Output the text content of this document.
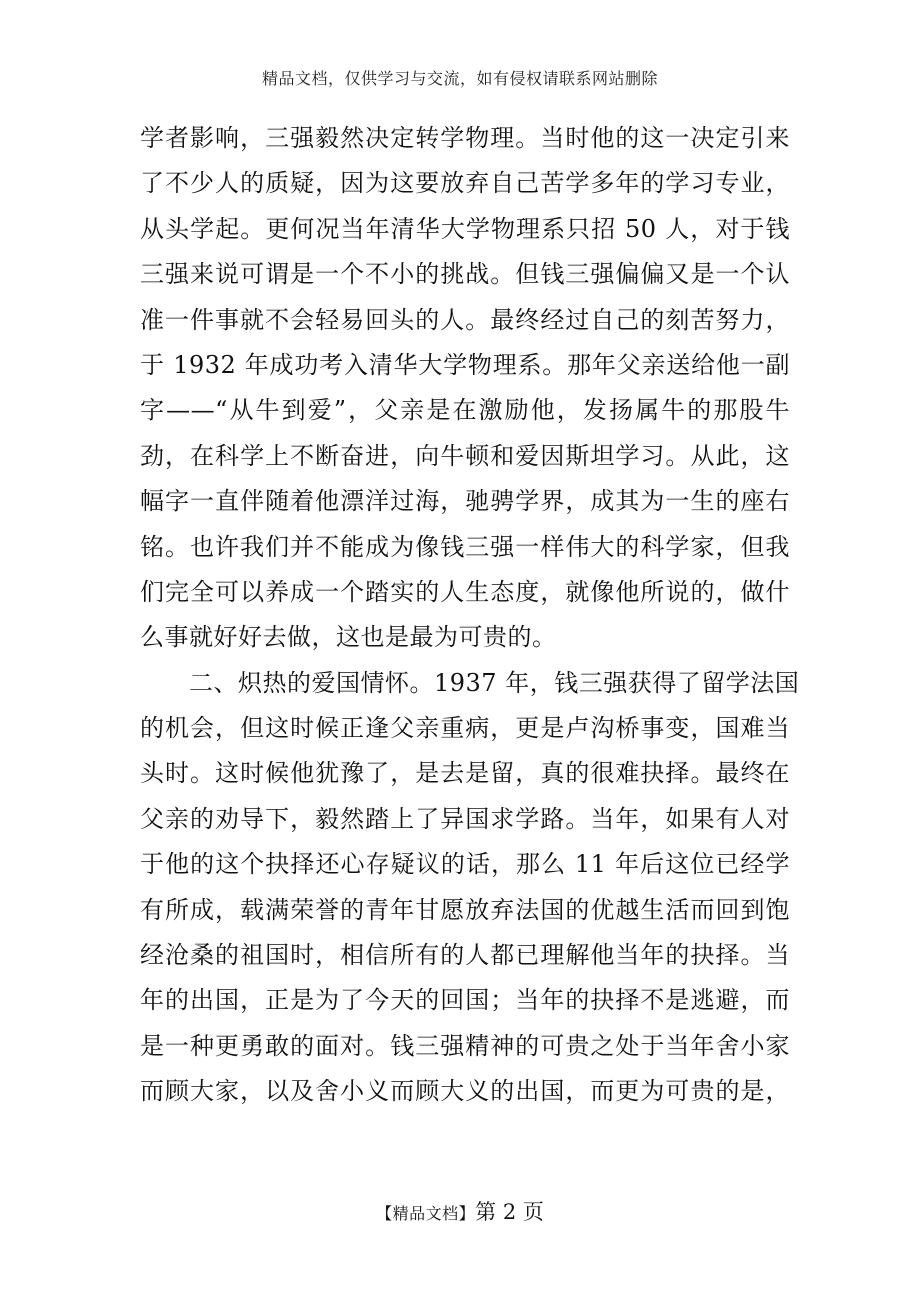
精品文档，仅供学习与交流，如有侵权请联系网站删除
学者影响，三强毅然决定转学物理。当时他的这一决定引来
了不少人的质疑，因为这要放弃自己苦学多年的学习专业，
从头学起。更何况当年清华大学物理系只招 50 人，对于钱
三强来说可谓是一个不小的挑战。但钱三强偏偏又是一个认
准一件事就不会轻易回头的人。最终经过自己的刻苦努力，
于 1932 年成功考入清华大学物理系。那年父亲送给他一副
字——“从牛到爱”，父亲是在激励他，发扬属牛的那股牛
劲，在科学上不断奋进，向牛顿和爱因斯坦学习。从此，这
幅字一直伴随着他漂洋过海，驰骋学界，成其为一生的座右
铭。也许我们并不能成为像钱三强一样伟大的科学家，但我
们完全可以养成一个踏实的人生态度，就像他所说的，做什
么事就好好去做，这也是最为可贵的。
　　二、炽热的爱国情怀。1937 年，钱三强获得了留学法国
的机会，但这时候正逢父亲重病，更是卢沟桥事变，国难当
头时。这时候他犹豫了，是去是留，真的很难抉择。最终在
父亲的劝导下，毅然踏上了异国求学路。当年，如果有人对
于他的这个抉择还心存疑议的话，那么 11 年后这位已经学
有所成，载满荣誉的青年甘愿放弃法国的优越生活而回到饱
经沧桑的祖国时，相信所有的人都已理解他当年的抉择。当
年的出国，正是为了今天的回国；当年的抉择不是逃避，而
是一种更勇敢的面对。钱三强精神的可贵之处于当年舍小家
而顾大家，以及舍小义而顾大义的出国，而更为可贵的是，
【精品文档】第 2 页
